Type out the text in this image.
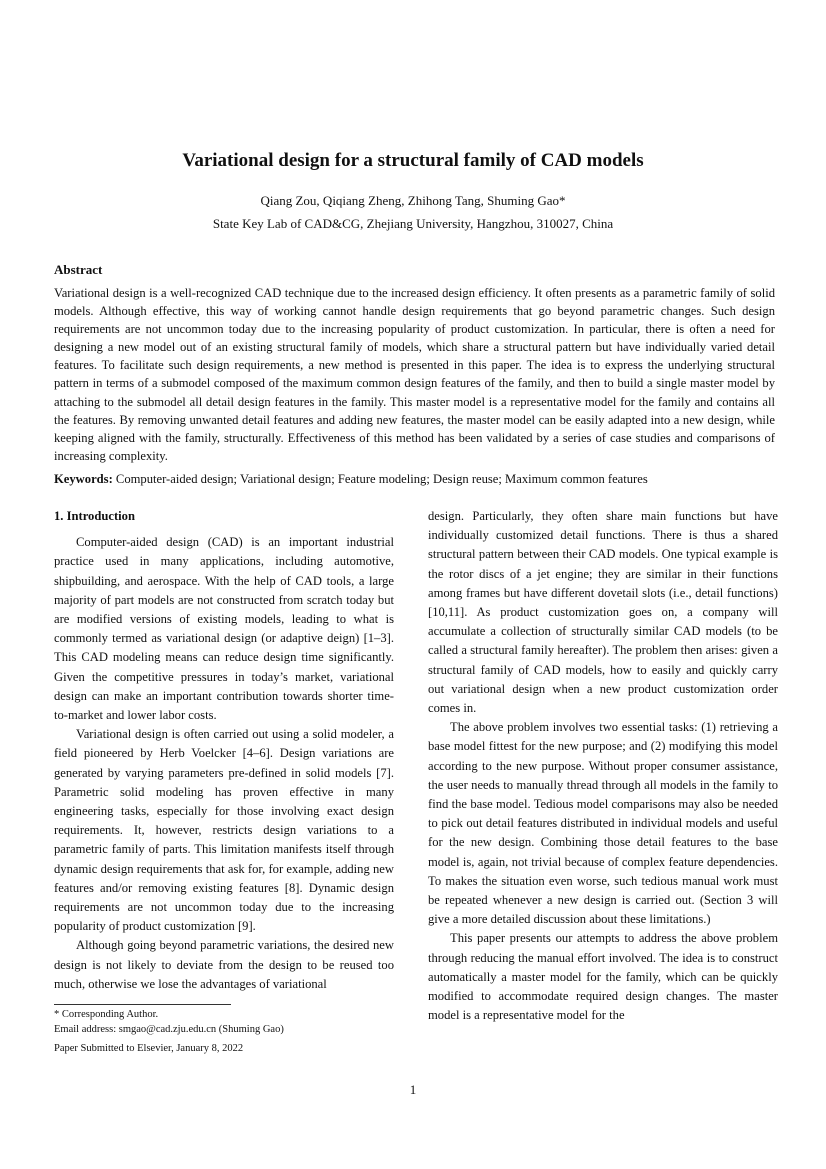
Variational design for a structural family of CAD models
Qiang Zou, Qiqiang Zheng, Zhihong Tang, Shuming Gao*
State Key Lab of CAD&CG, Zhejiang University, Hangzhou, 310027, China
Abstract

Variational design is a well-recognized CAD technique due to the increased design efficiency. It often presents as a parametric family of solid models. Although effective, this way of working cannot handle design requirements that go beyond parametric changes. Such design requirements are not uncommon today due to the increasing popularity of product customization. In particular, there is often a need for designing a new model out of an existing structural family of models, which share a structural pattern but have individually varied detail features. To facilitate such design requirements, a new method is presented in this paper. The idea is to express the underlying structural pattern in terms of a submodel composed of the maximum common design features of the family, and then to build a single master model by attaching to the submodel all detail design features in the family. This master model is a representative model for the family and contains all the features. By removing unwanted detail features and adding new features, the master model can be easily adapted into a new design, while keeping aligned with the family, structurally. Effectiveness of this method has been validated by a series of case studies and comparisons of increasing complexity.

Keywords: Computer-aided design; Variational design; Feature modeling; Design reuse; Maximum common features
1. Introduction

Computer-aided design (CAD) is an important industrial practice used in many applications, including automotive, shipbuilding, and aerospace. With the help of CAD tools, a large majority of part models are not constructed from scratch today but are modified versions of existing models, leading to what is commonly termed as variational design (or adaptive deign) [1–3]. This CAD modeling means can reduce design time significantly. Given the competitive pressures in today’s market, variational design can make an important contribution towards shorter time-to-market and lower labor costs.

Variational design is often carried out using a solid modeler, a field pioneered by Herb Voelcker [4–6]. Design variations are generated by varying parameters pre-defined in solid models [7]. Parametric solid modeling has proven effective in many engineering tasks, especially for those involving exact design requirements. It, however, restricts design variations to a parametric family of parts. This limitation manifests itself through dynamic design requirements that ask for, for example, adding new features and/or removing existing features [8]. Dynamic design requirements are not uncommon today due to the increasing popularity of product customization [9].

Although going beyond parametric variations, the desired new design is not likely to deviate from the design to be reused too much, otherwise we lose the advantages of variational

* Corresponding Author.
Email address: smgao@cad.zju.edu.cn (Shuming Gao)
Paper Submitted to Elsevier, January 8, 2022

design. Particularly, they often share main functions but have individually customized detail functions. There is thus a shared structural pattern between their CAD models. One typical example is the rotor discs of a jet engine; they are similar in their functions among frames but have different dovetail slots (i.e., detail functions) [10,11]. As product customization goes on, a company will accumulate a collection of structurally similar CAD models (to be called a structural family hereafter). The problem then arises: given a structural family of CAD models, how to easily and quickly carry out variational design when a new product customization order comes in.

The above problem involves two essential tasks: (1) retrieving a base model fittest for the new purpose; and (2) modifying this model according to the new purpose. Without proper consumer assistance, the user needs to manually thread through all models in the family to find the base model. Tedious model comparisons may also be needed to pick out detail features distributed in individual models and useful for the new design. Combining those detail features to the base model is, again, not trivial because of complex feature dependencies. To makes the situation even worse, such tedious manual work must be repeated whenever a new design is carried out. (Section 3 will give a more detailed discussion about these limitations.)

This paper presents our attempts to address the above problem through reducing the manual effort involved. The idea is to construct automatically a master model for the family, which can be quickly modified to accommodate required design changes. The master model is a representative model for the

1
